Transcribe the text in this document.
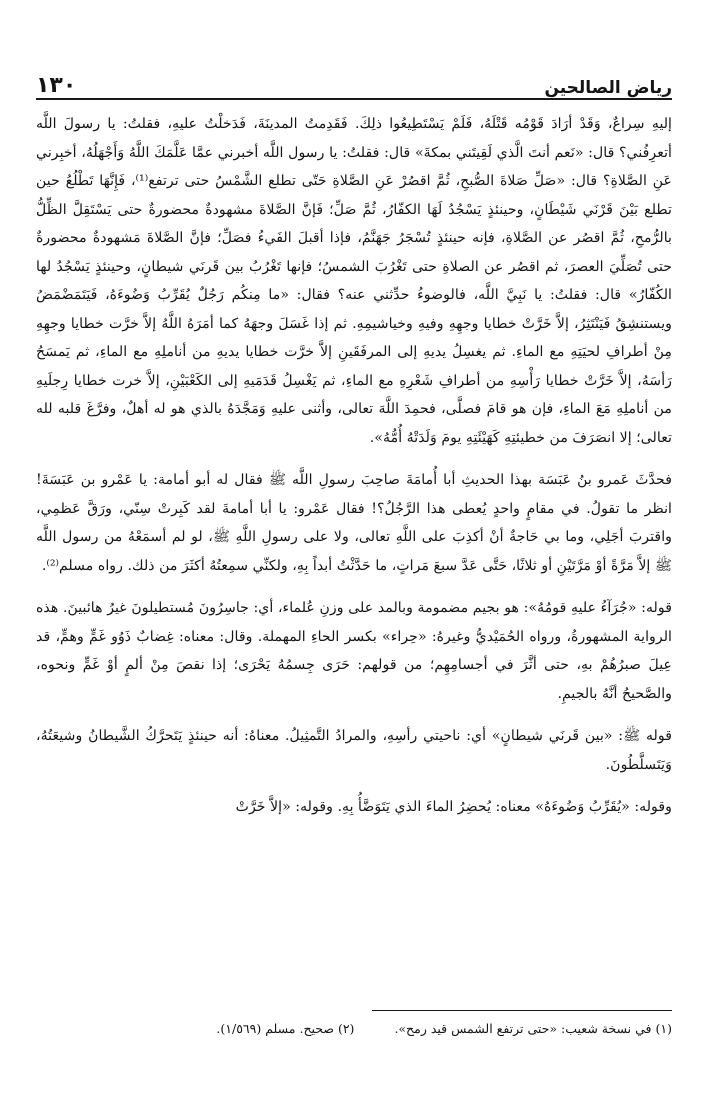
رياض الصالحين
١٣٠

إليهِ سِراعٌ، وَقَدْ أرَادَ قَوْمُه قَتْلَهُ، فَلَمْ يَسْتَطِيعُوا ذلِكَ. فَقَدِمتُ المدينَةَ، فَدَخلْتُ عليهِ، فقلتُ: يا رسولَ اللَّه أتعرِفُني؟ قال: «نَعم أنتَ الَّذي لَقِيتَني بمكةَ» قال: فقلتُ: يا رسول اللَّه أخبرني عمَّا عَلَّمَكَ اللَّهُ وَأَجْهَلُهُ، أخبِرني عَنِ الصَّلاةِ؟ قال: «صَلِّ صَلاةَ الصُّبحِ، ثُمَّ اقصُرْ عَنِ الصَّلاةِ حَتّى تطلع الشَّمْسُ حتى ترتفع⁽¹⁾، فَإِنَّهَا تَطْلُعُ حين تطلع بَيْنَ قَرْنَي شَيْطَانٍ، وحينئذٍ يَسْجُدُ لَهَا الكفّارُ، ثُمَّ صَلِّ؛ فَإنَّ الصَّلاةَ مشهودةٌ محضورةٌ حتى يَسْتَقِلَّ الظِّلُّ بالرُّمحِ، ثُمَّ اقصُر عن الصَّلاةِ، فإنه حينئذٍ تُسْجَرُ جَهَنَّمُ، فإذا أقبلَ الفَيءُ فصَلِّ؛ فإنَّ الصَّلاةَ مَشهودةٌ محضورةٌ حتى تُصَلِّيَ العصرَ، ثم اقصُر عن الصلاةِ حتى تَغْرُبَ الشمسُ؛ فإنها تَغْرُبُ بين قَرنَي شيطانٍ، وحينئذٍ يَسْجُدُ لها الكُفّارُ» قال: فقلتُ: يا نَبِيَّ اللَّه، فالوضوءُ حدِّثني عنه؟ فقال: «ما مِنكُم رَجُلٌ يُقَرِّبُ وَضُوءَهُ، فَيَتَمَضْمَضُ ويستنشِقُ فَيَنْتَثِرُ، إلاَّ خَرَّتْ خطايا وجهِهِ وفيهِ وخياشيمِهِ. ثم إذا غَسَلَ وجهَهُ كما أمَرَهُ اللَّهُ إلاَّ خرَّت خطايا وجهِهِ مِنْ أطرافِ لحيَتِهِ مع الماءِ. ثم يغسِلُ يديهِ إلى المرفَقَينِ إلاَّ خرَّت خطايا يديهِ من أناملِهِ مع الماءِ، ثم يَمسَحُ رَأسَهُ، إلاَّ خَرَّتْ خطايا رَأْسِهِ من أطرافِ شَعْرِهِ مع الماءِ، ثم يَغْسِلُ قَدَمَيهِ إلى الكَعْبَيْنِ، إلاَّ خرت خطايا رِجلَيهِ من أناملِهِ مَعَ الماءِ، فإن هو قامَ فصلَّى، فحمِدَ اللَّهَ تعالى، وأثنى عليهِ وَمَجَّدَهُ بالذي هو له أهلٌ، وفرَّغَ قلبه لله تعالى؛ إلا انصَرَفَ من خطيئتِهِ كَهَيْئَتِهِ يومَ وَلَدَتْهُ أُمُّهُ».

فحدَّثَ عَمرو بنُ عَبَسَة بهذا الحديثِ أبا أُمامَةَ صاحِبَ رسولِ اللَّه ﷺ فقال له أبو أمامة: يا عَمْرو بن عَبَسَةَ! انظر ما تقولُ. في مقامٍ واحدٍ يُعطى هذا الرَّجُلُ؟! فقال عَمْرو: يا أبا أمامةَ لقد كَبِرتْ سِنّي، ورَقَّ عَظمِي، واقتربَ أجَلِي، وما بي حَاجةٌ أنْ أكذِبَ على اللَّهِ تعالى، ولا على رسولِ اللَّهِ ﷺ، لو لم أسمَعْهُ من رسول اللَّه ﷺ إلاَّ مَرَّةً أوْ مَرَّتَيْنِ أو ثلاثًا، حَتَّى عَدَّ سبعَ مَراتٍ، ما حَدَّثْتُ أبداً بِهِ، ولكنِّي سمِعتُهُ أكثَرَ من ذلك. رواه مسلم⁽²⁾.

قوله: «جُرَآءُ عليهِ قومُهُ»: هو بجيم مضمومة وبالمد على وزنِ عُلماء، أي: جاسِرُونَ مُستطيلونَ غيرُ هائبينَ. هذه الرواية المشهورةُ، ورواه الحُمَيْديُّ وغيرهُ: «حِراء» بكسر الحاءِ المهملة. وقال: معناه: غِضابٌ ذَوُو غَمٍّ وهمٍّ، قد عِيلَ صبرُهُمْ بهِ، حتى أثَّرَ في أجسامِهِم؛ من قولهم: حَرَى جِسمُهُ يَحْرَى؛ إذا نقصَ مِنْ ألمٍ أوْ غَمٍّ ونحوه، والصَّحيحُ أنَّهُ بالجيمِ.

قوله ﷺ: «بين قَرنَي شيطانٍ» أي: ناحيتي رأسِهِ، والمرادُ التَّمثِيلُ. معناهُ: أنه حينئذٍ يَتَحرَّكُ الشَّيطانُ وشيعَتُهُ، وَيَتَسلَّطُونَ.

وقوله: «يُقَرِّبُ وَضُوءَهُ» معناه: يُحضِرُ الماءَ الذي يَتَوَضَّأُ بِهِ. وقوله: «إلاَّ خَرَّتْ

(١) في نسخة شعيب: «حتى ترتفع الشمس قيد رمح».
(٢) صحيح. مسلم (١/٥٦٩).
